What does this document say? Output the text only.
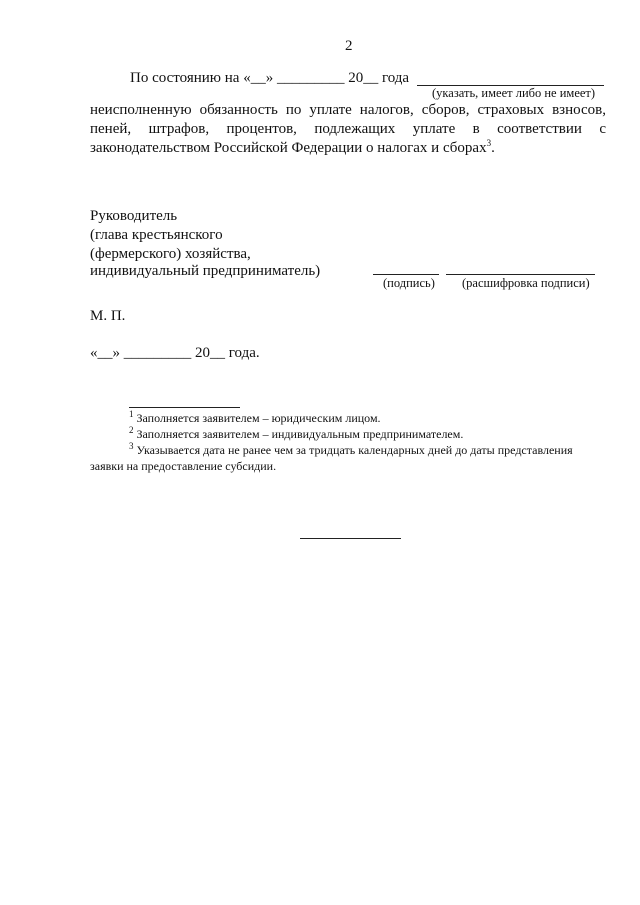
2
По состоянию на «__» _________ 20__ года
(указать, имеет либо не имеет)
неисполненную обязанность по уплате налогов, сборов, страховых взносов,
пеней, штрафов, процентов, подлежащих уплате в соответствии с
законодательством Российской Федерации о налогах и сборах$^3$.
Руководитель
(глава крестьянского
(фермерского) хозяйства,
индивидуальный предприниматель)
(подпись) (расшифровка подписи)
М. П.
«__» _________ 20__ года.
$^1$ Заполняется заявителем – юридическим лицом.
$^2$ Заполняется заявителем – индивидуальным предпринимателем.
$^3$ Указывается дата не ранее чем за тридцать календарных дней до даты представления
заявки на предоставление субсидии.
